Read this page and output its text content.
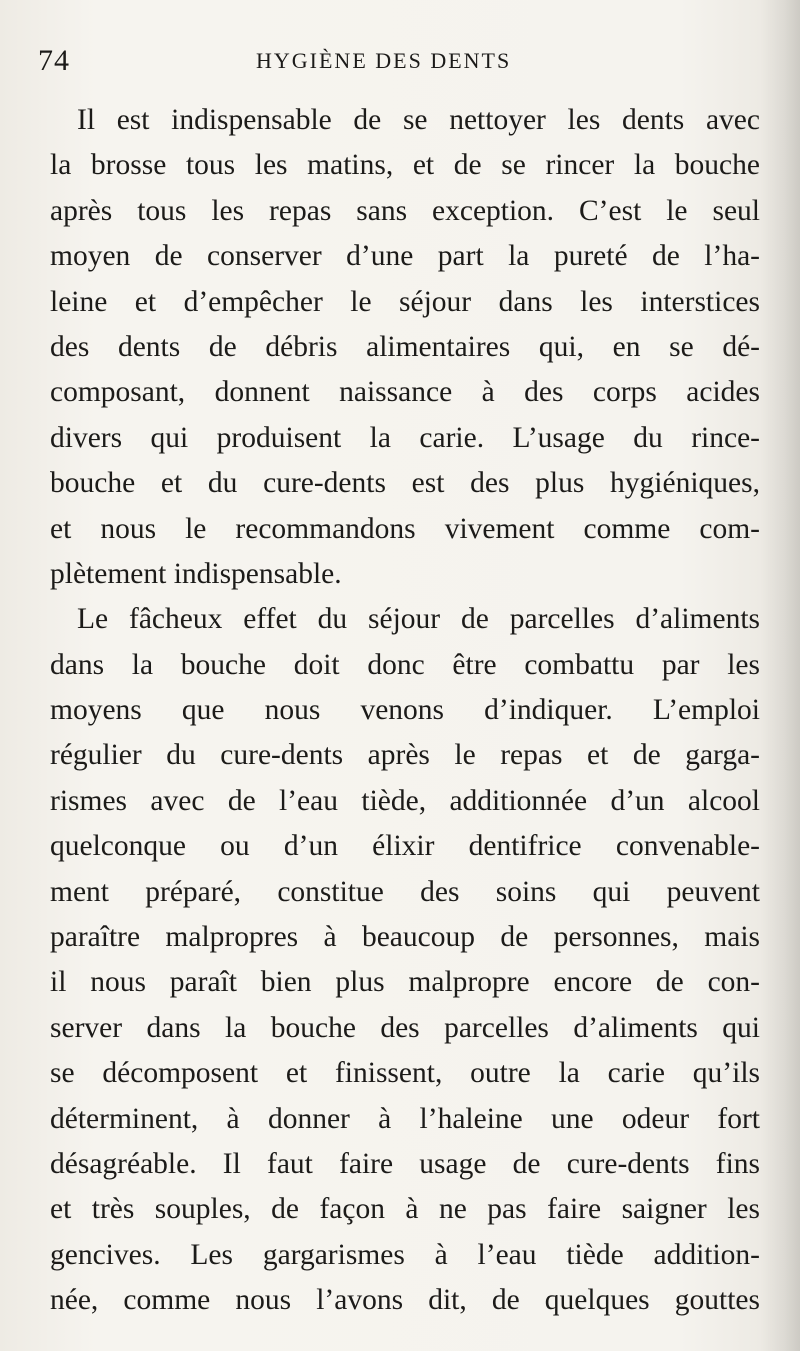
74	HYGIÈNE DES DENTS
Il est indispensable de se nettoyer les dents avec
la brosse tous les matins, et de se rincer la bouche
après tous les repas sans exception. C’est le seul
moyen de conserver d’une part la pureté de l’ha-
leine et d’empêcher le séjour dans les interstices
des dents de débris alimentaires qui, en se dé-
composant, donnent naissance à des corps acides
divers qui produisent la carie. L’usage du rince-
bouche et du cure-dents est des plus hygiéniques,
et nous le recommandons vivement comme com-
plètement indispensable.
Le fâcheux effet du séjour de parcelles d’aliments
dans la bouche doit donc être combattu par les
moyens que nous venons d’indiquer. L’emploi
régulier du cure-dents après le repas et de garga-
rismes avec de l’eau tiède, additionnée d’un alcool
quelconque ou d’un élixir dentifrice convenable-
ment préparé, constitue des soins qui peuvent
paraître malpropres à beaucoup de personnes, mais
il nous paraît bien plus malpropre encore de con-
server dans la bouche des parcelles d’aliments qui
se décomposent et finissent, outre la carie qu’ils
déterminent, à donner à l’haleine une odeur fort
désagréable. Il faut faire usage de cure-dents fins
et très souples, de façon à ne pas faire saigner les
gencives. Les gargarismes à l’eau tiède addition-
née, comme nous l’avons dit, de quelques gouttes
